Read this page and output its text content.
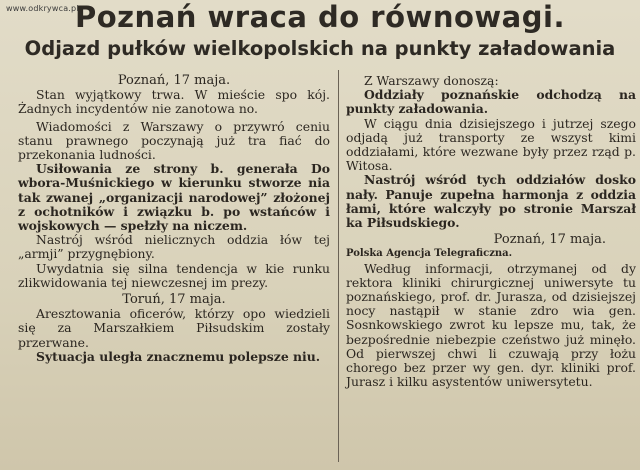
www.odkrywca.pl
Poznań wraca do równowagi.
Odjazd pułków wielkopolskich na punkty załadowania

Poznań, 17 maja.

Stan wyjątkowy trwa. W mieście spo kój. Żadnych incydentów nie zanotowa no.

Wiadomości z Warszawy o przywró ceniu stanu prawnego poczynają już tra fiać do przekonania ludności.

Usiłowania ze strony b. generała Do wbora-Muśnickiego w kierunku stworze nia tak zwanej „organizacji narodowej” złożonej z ochotników i związku b. po wstańców i wojskowych — spełzły na niczem.

Nastrój wśród nielicznych oddzia łów tej „armji” przygnębiony.

Uwydatnia się silna tendencja w kie runku zlikwidowania tej niewczesnej im prezy.

Toruń, 17 maja.

Aresztowania oficerów, którzy opo wiedzieli się za Marszałkiem Piłsudskim zostały przerwane.

Sytuacja uległa znacznemu polepsze niu.

Z Warszawy donoszą:

Oddziały poznańskie odchodzą na punkty załadowania.

W ciągu dnia dzisiejszego i jutrzej szego odjadą już transporty ze wszyst kimi oddziałami, które wezwane były przez rząd p. Witosa.

Nastrój wśród tych oddziałów dosko nały. Panuje zupełna harmonja z oddzia łami, które walczyły po stronie Marszał ka Piłsudskiego.

Poznań, 17 maja.

Polska Agencja Telegraficzna.

Według informacji, otrzymanej od dy rektora kliniki chirurgicznej uniwersyte tu poznańskiego, prof. dr. Jurasza, od dzisiejszej nocy nastąpił w stanie zdro wia gen. Sosnkowskiego zwrot ku lepsze mu, tak, że bezpośrednie niebezpie czeństwo już minęło. Od pierwszej chwi li czuwają przy łożu chorego bez przer wy gen. dyr. kliniki prof. Jurasz i kilku asystentów uniwersytetu.
